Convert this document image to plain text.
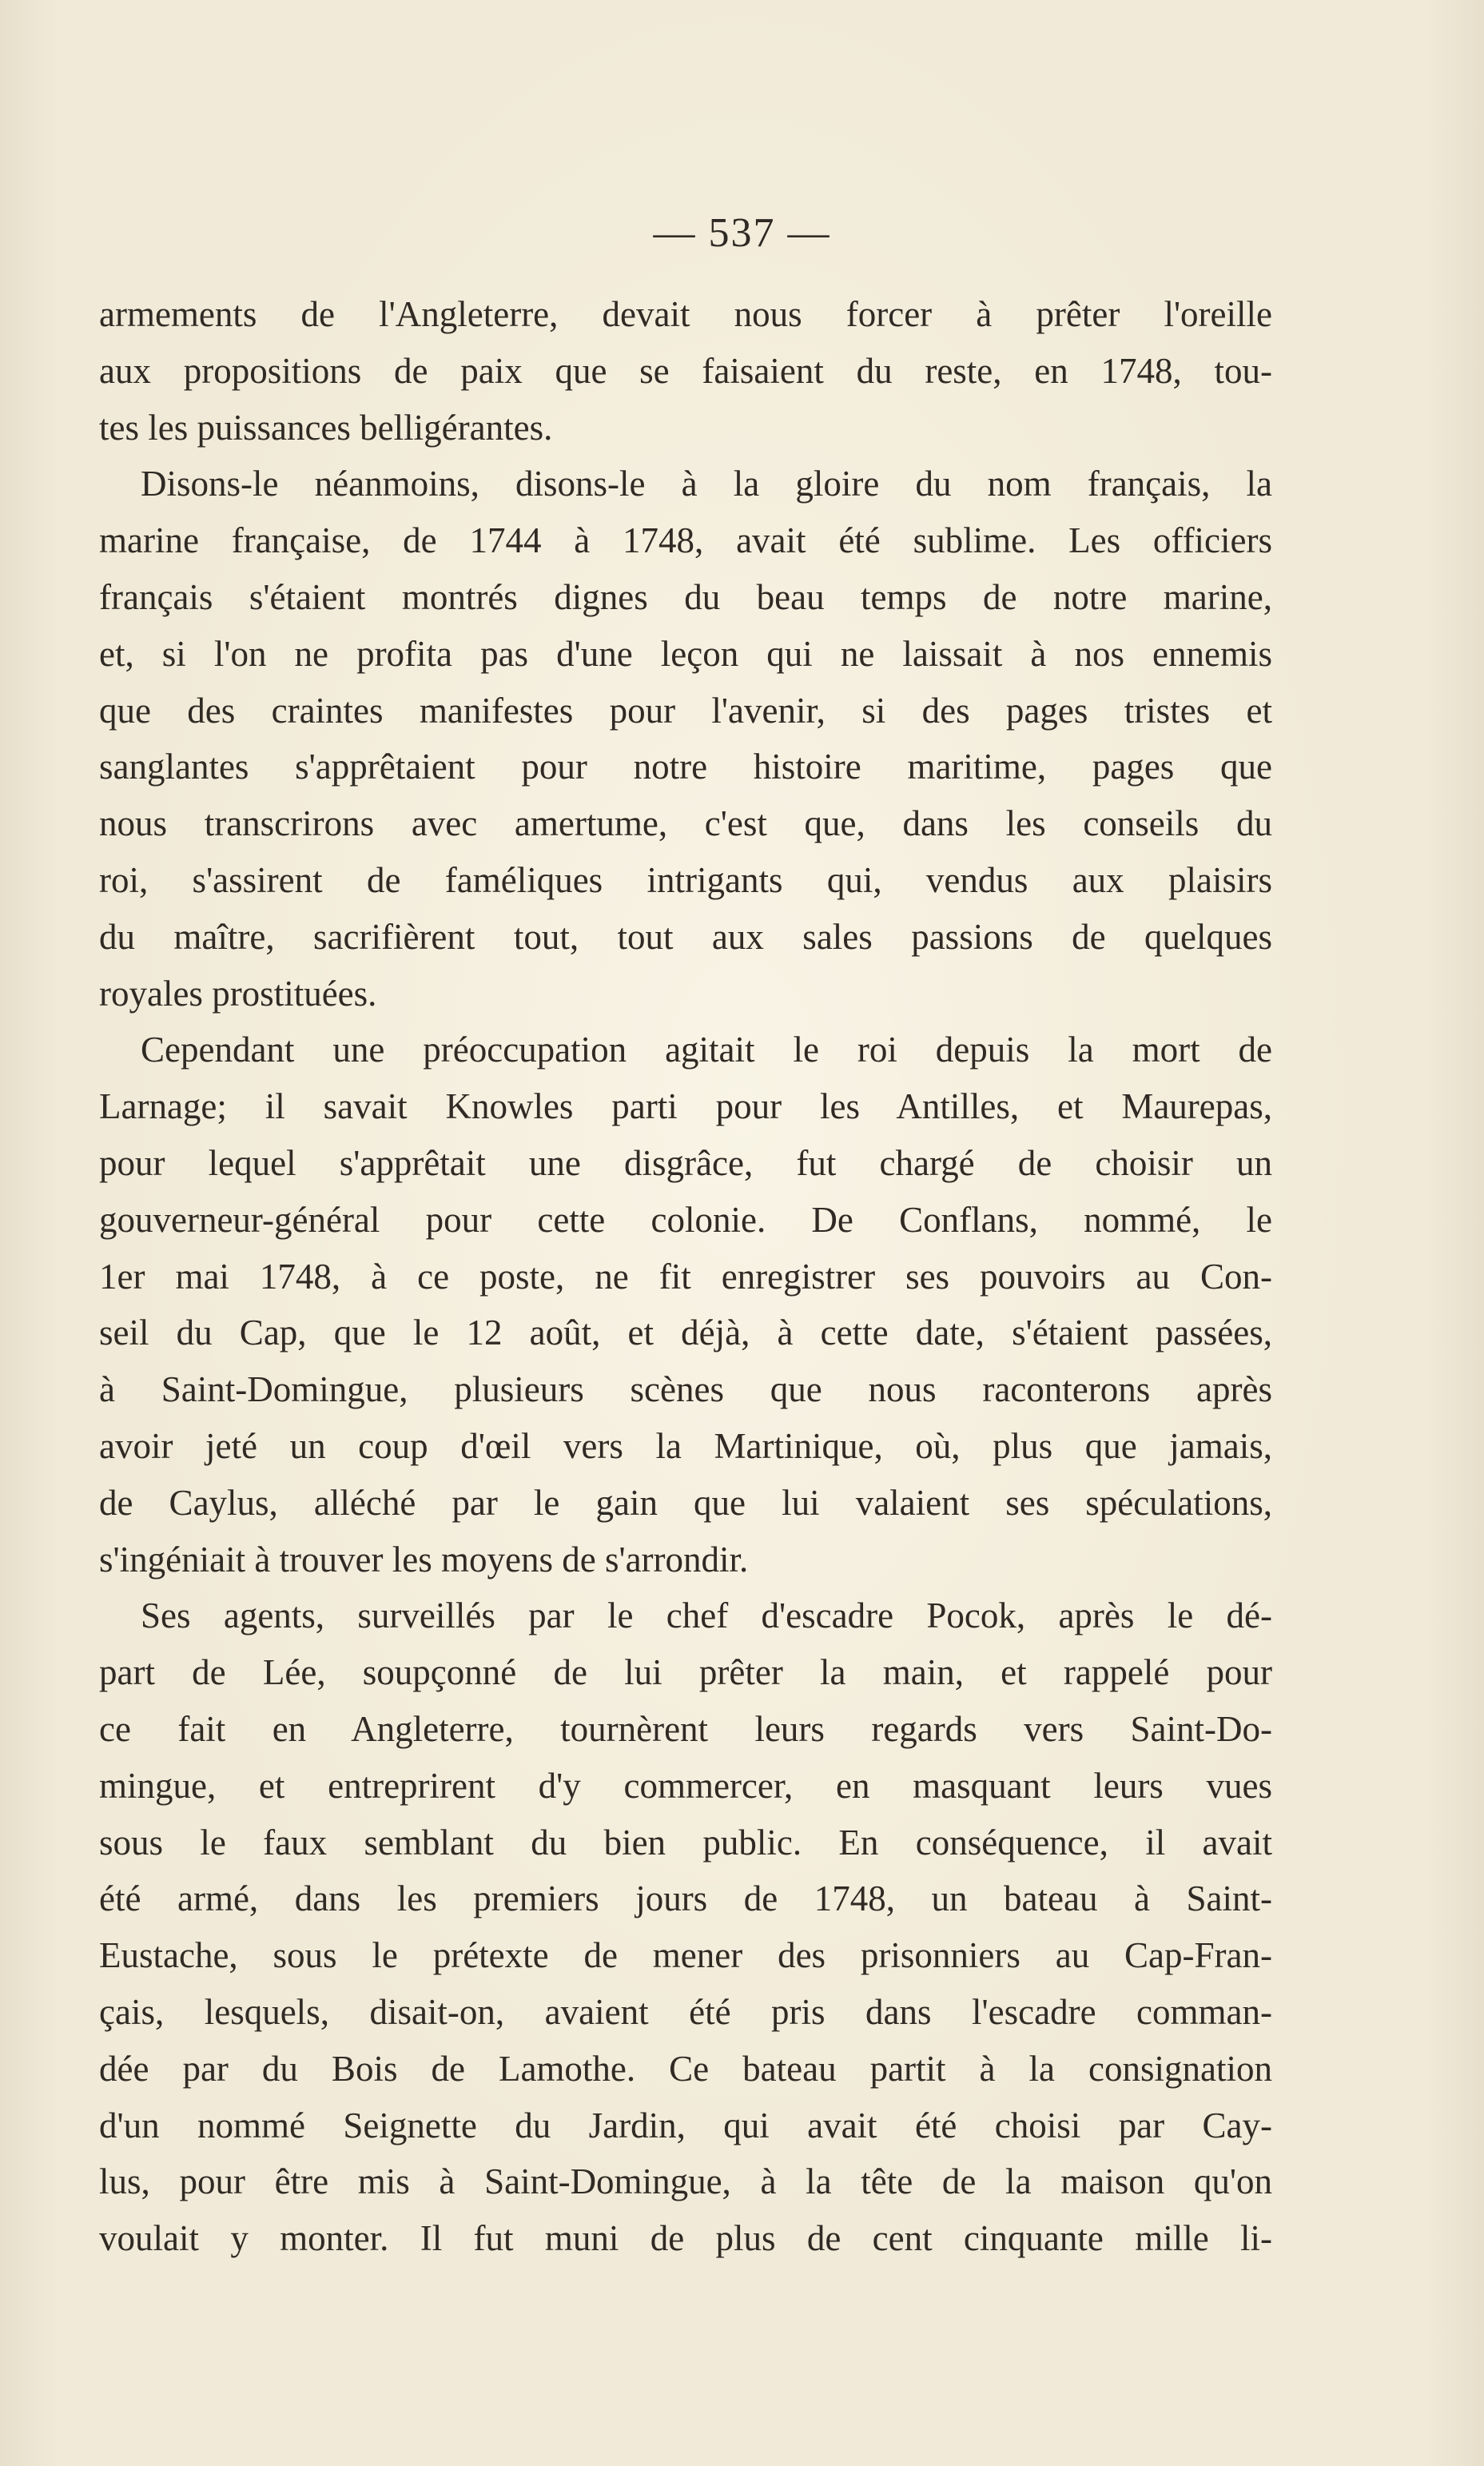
— 537 —
armements de l'Angleterre, devait nous forcer à prêter l'oreille
aux propositions de paix que se faisaient du reste, en 1748, tou-
tes les puissances belligérantes.
Disons-le néanmoins, disons-le à la gloire du nom français, la
marine française, de 1744 à 1748, avait été sublime. Les officiers
français s'étaient montrés dignes du beau temps de notre marine,
et, si l'on ne profita pas d'une leçon qui ne laissait à nos ennemis
que des craintes manifestes pour l'avenir, si des pages tristes et
sanglantes s'apprêtaient pour notre histoire maritime, pages que
nous transcrirons avec amertume, c'est que, dans les conseils du
roi, s'assirent de faméliques intrigants qui, vendus aux plaisirs
du maître, sacrifièrent tout, tout aux sales passions de quelques
royales prostituées.
Cependant une préoccupation agitait le roi depuis la mort de
Larnage; il savait Knowles parti pour les Antilles, et Maurepas,
pour lequel s'apprêtait une disgrâce, fut chargé de choisir un
gouverneur-général pour cette colonie. De Conflans, nommé, le
1er mai 1748, à ce poste, ne fit enregistrer ses pouvoirs au Con-
seil du Cap, que le 12 août, et déjà, à cette date, s'étaient passées,
à Saint-Domingue, plusieurs scènes que nous raconterons après
avoir jeté un coup d'œil vers la Martinique, où, plus que jamais,
de Caylus, alléché par le gain que lui valaient ses spéculations,
s'ingéniait à trouver les moyens de s'arrondir.
Ses agents, surveillés par le chef d'escadre Pocok, après le dé-
part de Lée, soupçonné de lui prêter la main, et rappelé pour
ce fait en Angleterre, tournèrent leurs regards vers Saint-Do-
mingue, et entreprirent d'y commercer, en masquant leurs vues
sous le faux semblant du bien public. En conséquence, il avait
été armé, dans les premiers jours de 1748, un bateau à Saint-
Eustache, sous le prétexte de mener des prisonniers au Cap-Fran-
çais, lesquels, disait-on, avaient été pris dans l'escadre comman-
dée par du Bois de Lamothe. Ce bateau partit à la consignation
d'un nommé Seignette du Jardin, qui avait été choisi par Cay-
lus, pour être mis à Saint-Domingue, à la tête de la maison qu'on
voulait y monter. Il fut muni de plus de cent cinquante mille li-
